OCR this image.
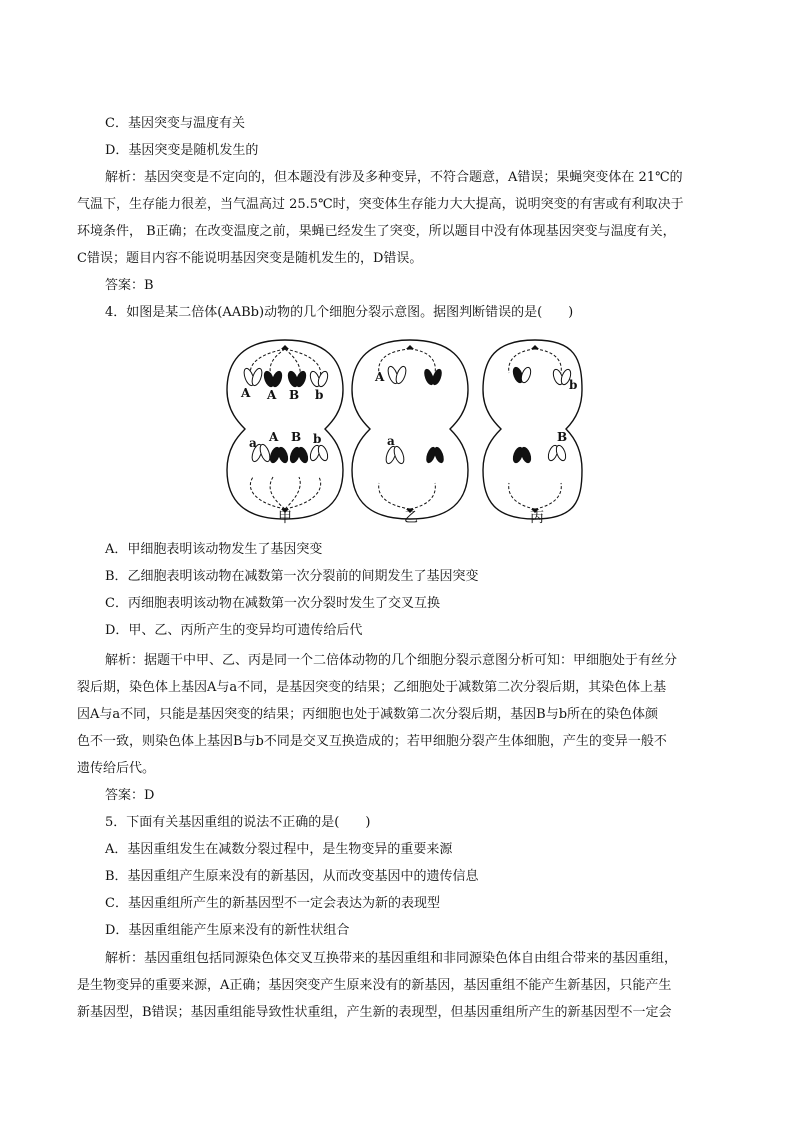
C．基因突变与温度有关
D．基因突变是随机发生的
解析：基因突变是不定向的，但本题没有涉及多种变异，不符合题意，A错误；果蝇突变体在 21℃的
气温下，生存能力很差，当气温高过 25.5℃时，突变体生存能力大大提高，说明突变的有害或有利取决于
环境条件， B正确；在改变温度之前，果蝇已经发生了突变，所以题目中没有体现基因突变与温度有关，
C错误；题目内容不能说明基因突变是随机发生的，D错误。
答案：B
4．如图是某二倍体(AABb)动物的几个细胞分裂示意图。据图判断错误的是(　　)
A A B b
a A B b
A
a
b
B
甲	乙	丙
A．甲细胞表明该动物发生了基因突变
B．乙细胞表明该动物在减数第一次分裂前的间期发生了基因突变
C．丙细胞表明该动物在减数第一次分裂时发生了交叉互换
D．甲、乙、丙所产生的变异均可遗传给后代
解析：据题干中甲、乙、丙是同一个二倍体动物的几个细胞分裂示意图分析可知：甲细胞处于有丝分
裂后期，染色体上基因A与a不同，是基因突变的结果；乙细胞处于减数第二次分裂后期，其染色体上基
因A与a不同，只能是基因突变的结果；丙细胞也处于减数第二次分裂后期，基因B与b所在的染色体颜
色不一致，则染色体上基因B与b不同是交叉互换造成的；若甲细胞分裂产生体细胞，产生的变异一般不
遗传给后代。
答案：D
5．下面有关基因重组的说法不正确的是(　　)
A．基因重组发生在减数分裂过程中，是生物变异的重要来源
B．基因重组产生原来没有的新基因，从而改变基因中的遗传信息
C．基因重组所产生的新基因型不一定会表达为新的表现型
D．基因重组能产生原来没有的新性状组合
解析：基因重组包括同源染色体交叉互换带来的基因重组和非同源染色体自由组合带来的基因重组，
是生物变异的重要来源，A正确；基因突变产生原来没有的新基因，基因重组不能产生新基因，只能产生
新基因型，B错误；基因重组能导致性状重组，产生新的表现型，但基因重组所产生的新基因型不一定会
